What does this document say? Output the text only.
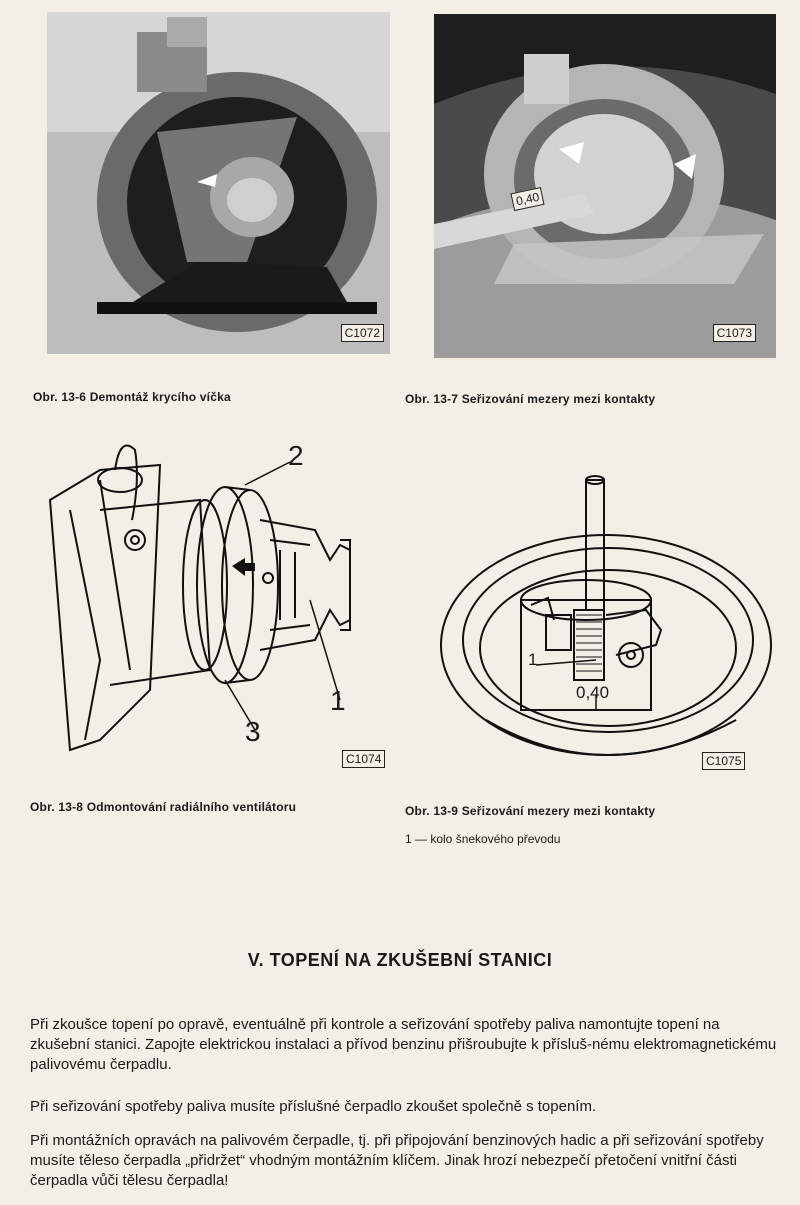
C1072
Obr. 13-6 Demontáž krycího víčka
0,40
C1073
Obr. 13-7 Seřizování mezery mezi kontakty
2
1
3
C1074
Obr. 13-8 Odmontování radiálního ventilátoru
1
0,40
C1075
Obr. 13-9 Seřizování mezery mezi kontakty
1 — kolo šnekového převodu
V. TOPENÍ NA ZKUŠEBNÍ STANICI
Při zkoušce topení po opravě, eventuálně při kontrole a seřizování spotřeby paliva namontujte topení na zkušební stanici. Zapojte elektrickou instalaci a přívod benzinu přišroubujte k přísluš-nému elektromagnetickému palivovému čerpadlu.
Při seřizování spotřeby paliva musíte příslušné čerpadlo zkoušet společně s topením.
Při montážních opravách na palivovém čerpadle, tj. při připojování benzinových hadic a při seřizování spotřeby musíte těleso čerpadla „přidržet“ vhodným montážním klíčem. Jinak hrozí nebezpečí přetočení vnitřní části čerpadla vůči tělesu čerpadla!
